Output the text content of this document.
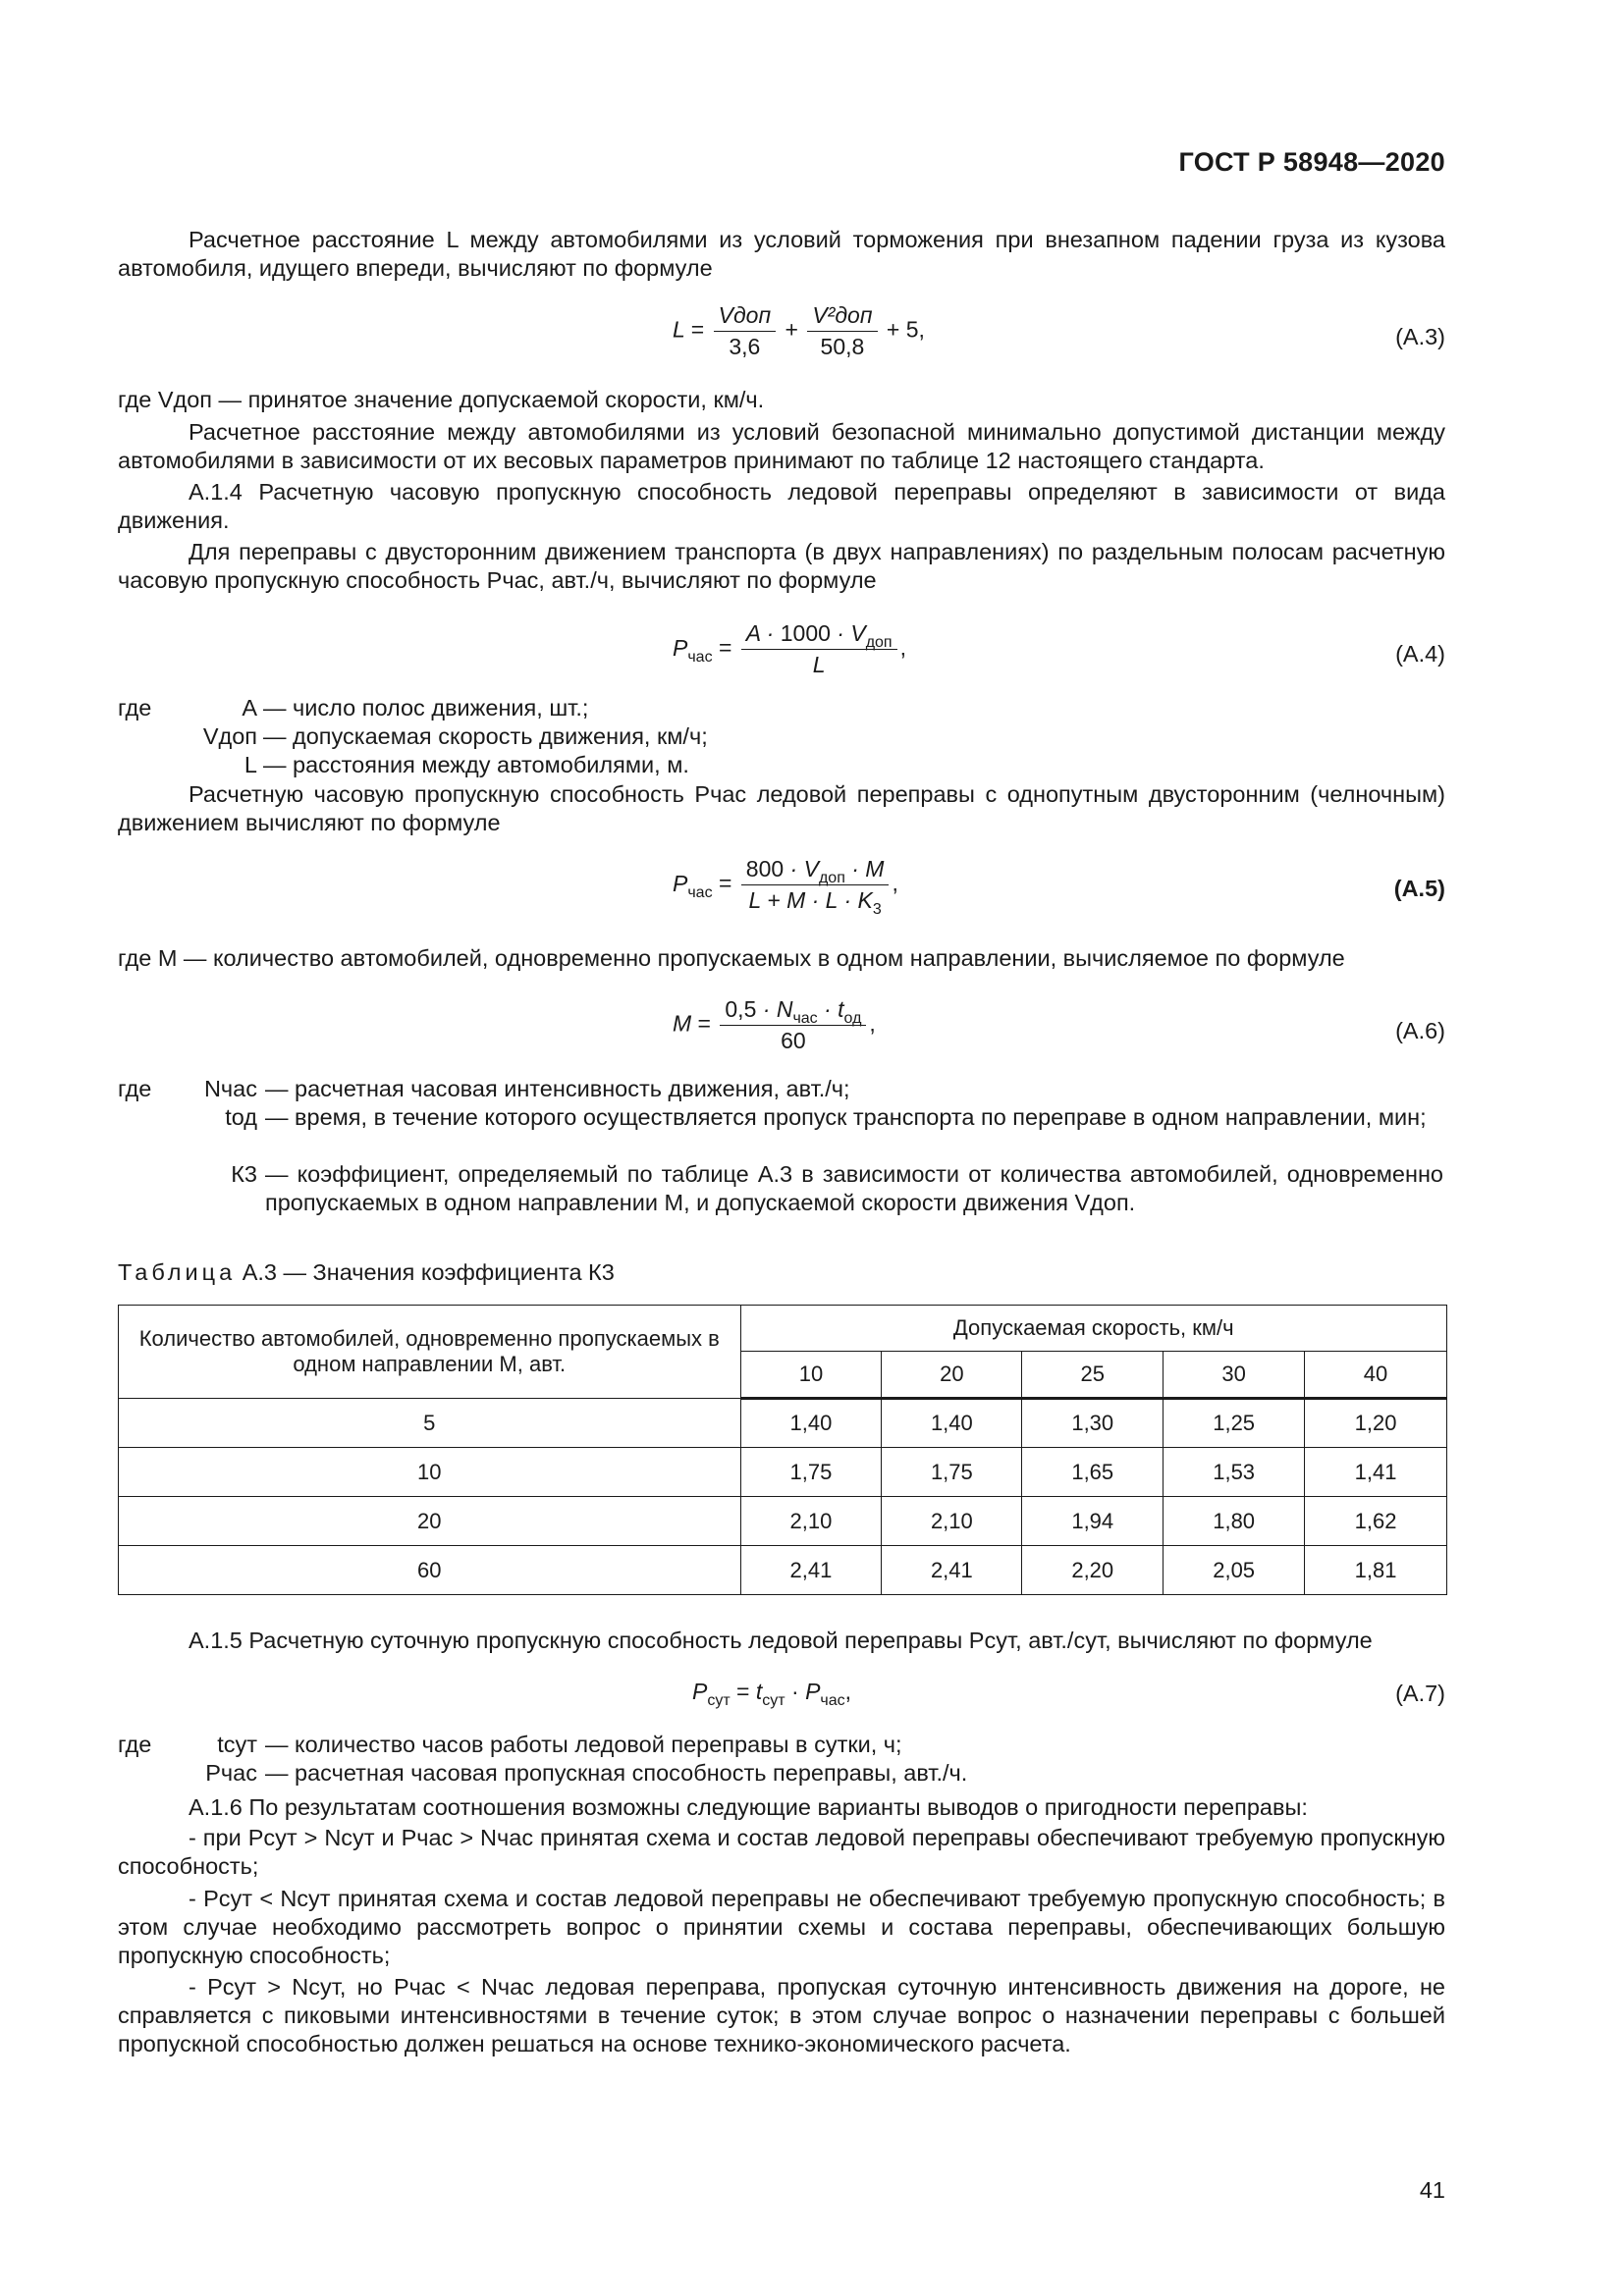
ГОСТ Р 58948—2020
Расчетное расстояние L между автомобилями из условий торможения при внезапном падении груза из кузова автомобиля, идущего впереди, вычисляют по формуле
$L = \frac{\text{Vдоп}}{3,6} + \frac{\text{V²доп}}{50,8} + 5$,	(А.3)
где Vдоп — принятое значение допускаемой скорости, км/ч.
Расчетное расстояние между автомобилями из условий безопасной минимально допустимой дистанции между автомобилями в зависимости от их весовых параметров принимают по таблице 12 настоящего стандарта.
А.1.4 Расчетную часовую пропускную способность ледовой переправы определяют в зависимости от вида движения.
Для переправы с двусторонним движением транспорта (в двух направлениях) по раздельным полосам расчетную часовую пропускную способность Рчас, авт./ч, вычисляют по формуле
$P_{час} = \frac{A \cdot 1000 \cdot V_{доп}}{L}$ ,	(А.4)
где	А — число полос движения, шт.;
Vдоп — допускаемая скорость движения, км/ч;
L — расстояния между автомобилями, м.
Расчетную часовую пропускную способность Рчас ледовой переправы с однопутным двусторонним (челночным) движением вычисляют по формуле
$P_{час} = \frac{800 \cdot V_{доп} \cdot M}{L + M \cdot L \cdot K_3}$ ,	(А.5)
где М — количество автомобилей, одновременно пропускаемых в одном направлении, вычисляемое по формуле
$M = \frac{0,5 \cdot N_{час} \cdot t_{од}}{60}$ ,	(А.6)
где	Nчас — расчетная часовая интенсивность движения, авт./ч;
tод — время, в течение которого осуществляется пропуск транспорта по переправе в одном направлении, мин;
К3 — коэффициент, определяемый по таблице А.3 в зависимости от количества автомобилей, одновременно пропускаемых в одном направлении М, и допускаемой скорости движения Vдоп.
Таблица А.3 — Значения коэффициента К3
Количество автомобилей, одновременно пропускаемых в одном направлении М, авт.	Допускаемая скорость, км/ч				
	10	20	25	30	40
5	1,40	1,40	1,30	1,25	1,20
10	1,75	1,75	1,65	1,53	1,41
20	2,10	2,10	1,94	1,80	1,62
60	2,41	2,41	2,20	2,05	1,81
А.1.5 Расчетную суточную пропускную способность ледовой переправы Рсут, авт./сут, вычисляют по формуле
$P_{сут} = t_{сут} \cdot P_{час}$,	(А.7)
где	tсут — количество часов работы ледовой переправы в сутки, ч;
Рчас — расчетная часовая пропускная способность переправы, авт./ч.
А.1.6 По результатам соотношения возможны следующие варианты выводов о пригодности переправы:
- при Рсут > Nсут и Рчас > Nчас принятая схема и состав ледовой переправы обеспечивают требуемую пропускную способность;
- Рсут < Nсут принятая схема и состав ледовой переправы не обеспечивают требуемую пропускную способность; в этом случае необходимо рассмотреть вопрос о принятии схемы и состава переправы, обеспечивающих большую пропускную способность;
- Рсут > Nсут, но Рчас < Nчас ледовая переправа, пропуская суточную интенсивность движения на дороге, не справляется с пиковыми интенсивностями в течение суток; в этом случае вопрос о назначении переправы с большей пропускной способностью должен решаться на основе технико-экономического расчета.
41
